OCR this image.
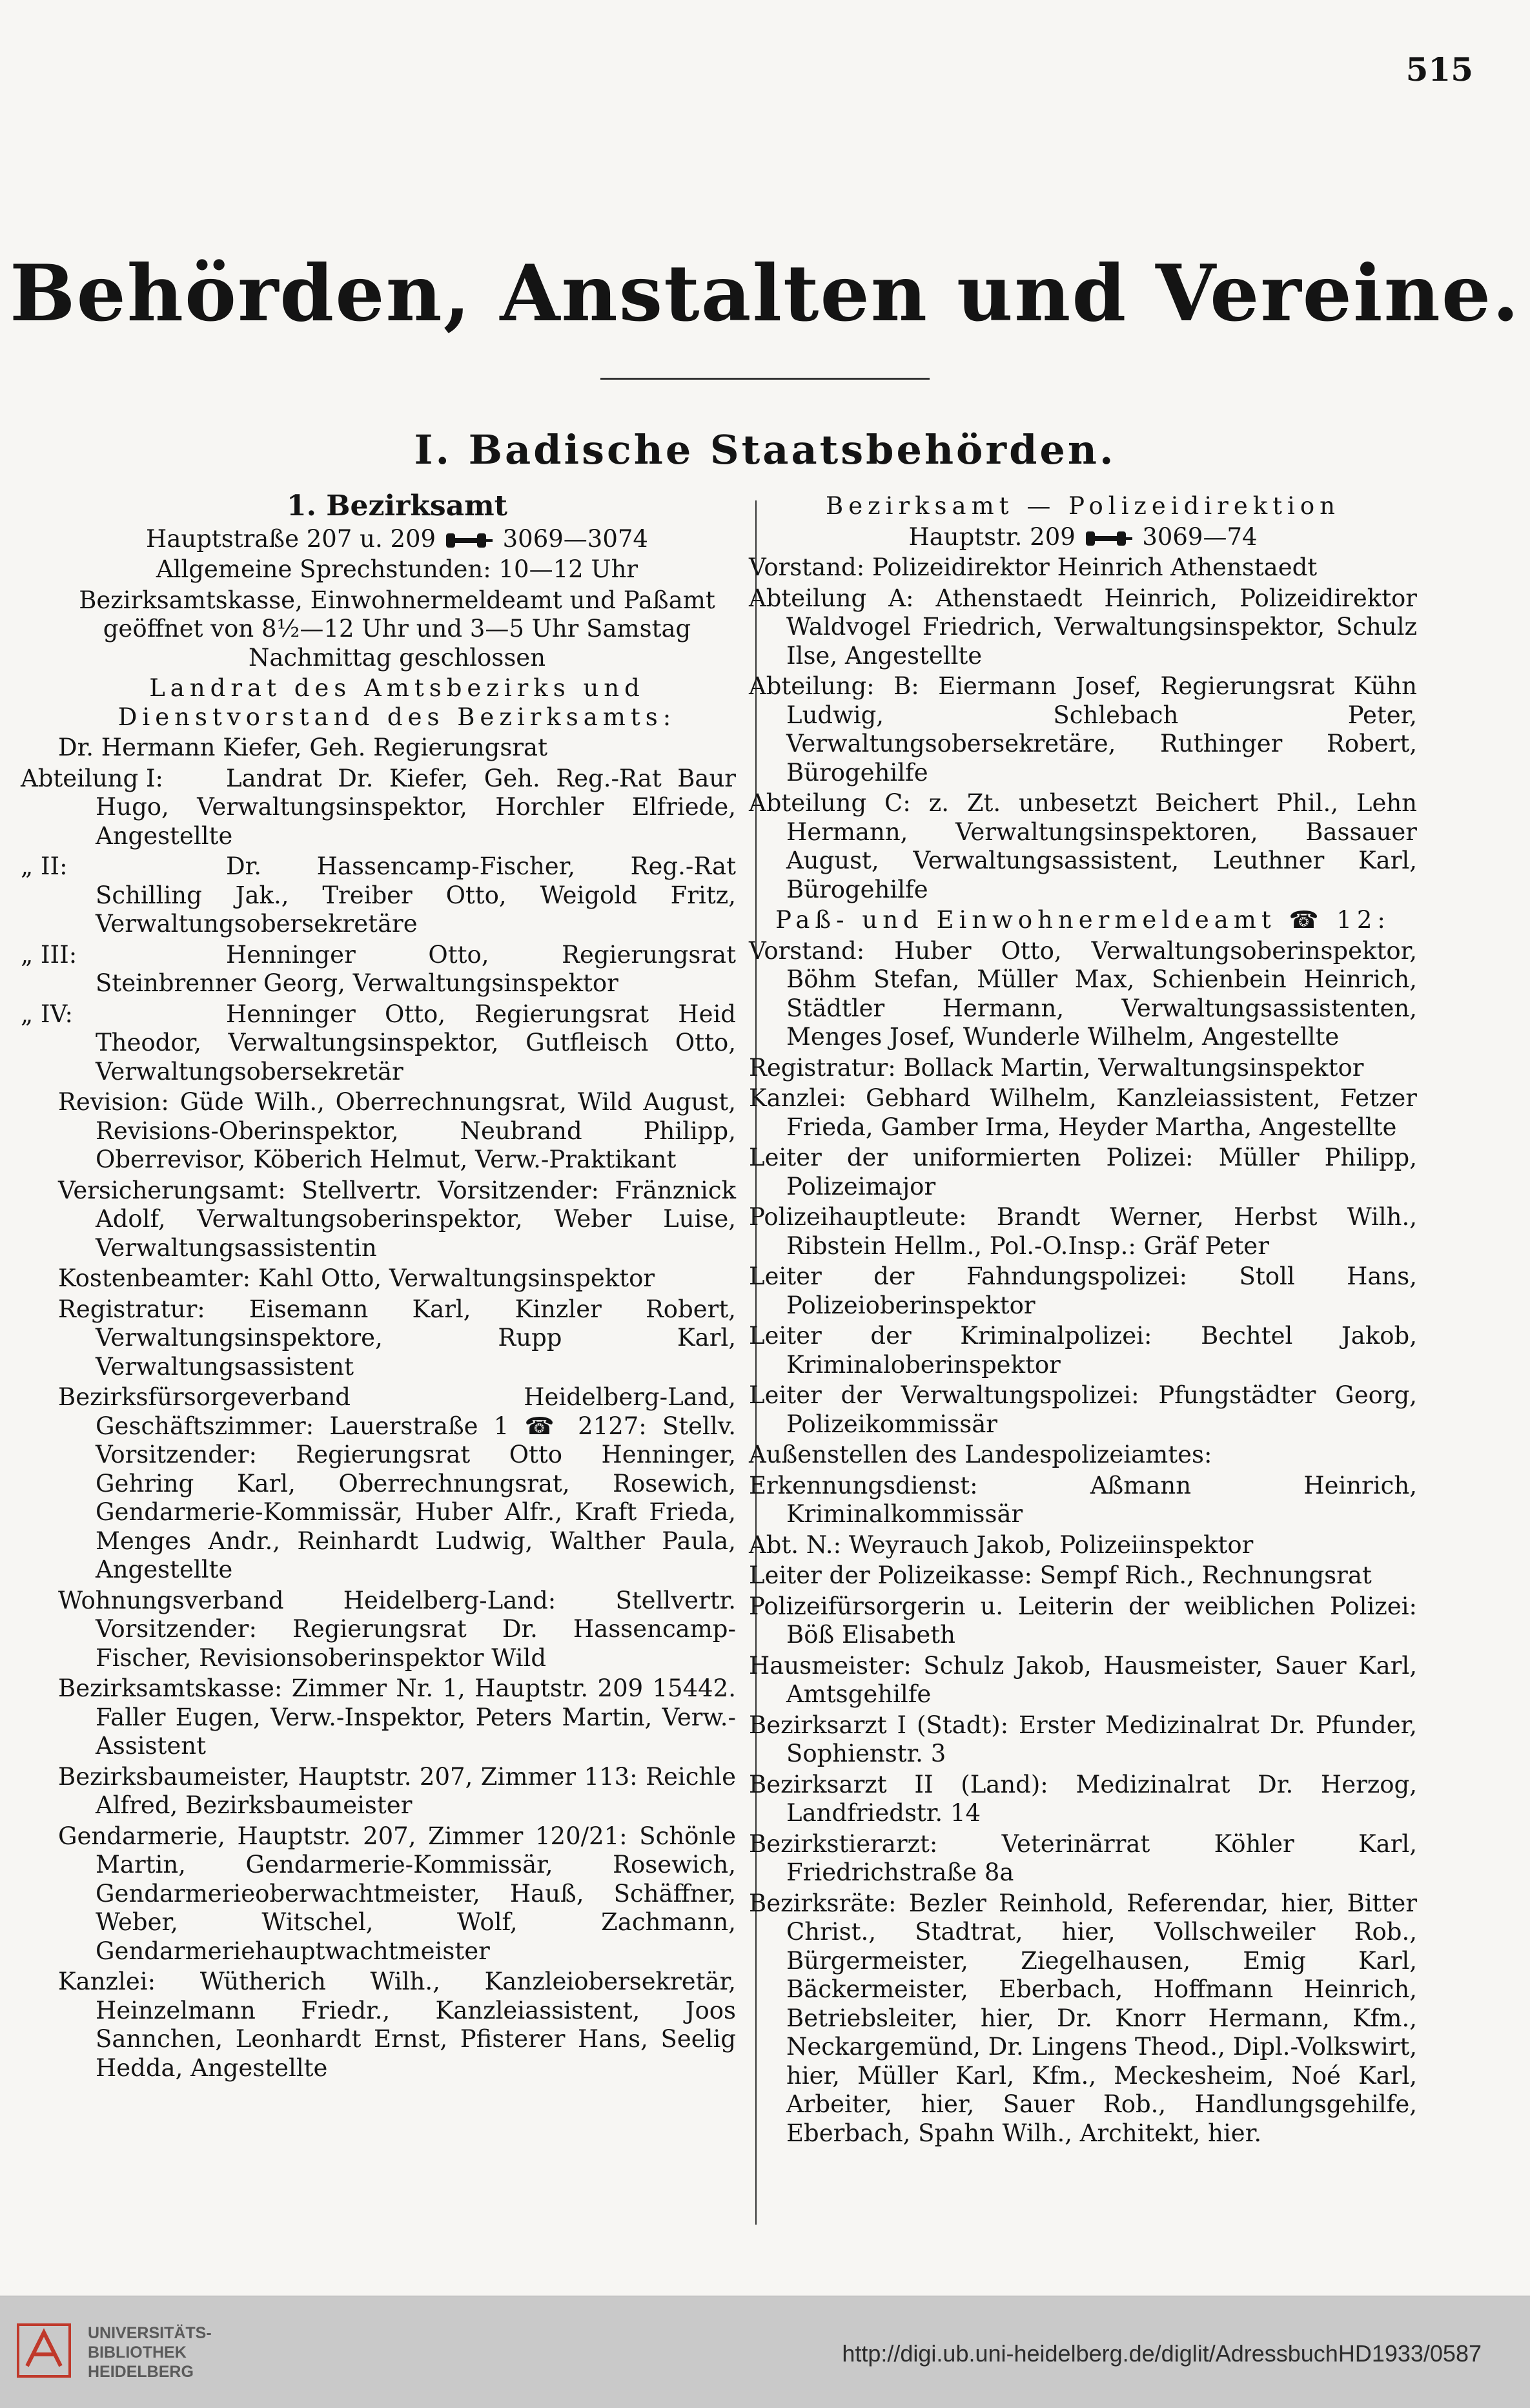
515
Behörden, Anstalten und Vereine.
I. Badische Staatsbehörden.

1. Bezirksamt

Hauptstraße 207 u. 209	3069—3074

Allgemeine Sprechstunden: 10—12 Uhr

Bezirksamtskasse, Einwohnermeldeamt und Paßamt geöffnet von 8½—12 Uhr und 3—5 Uhr Samstag Nachmittag geschlossen

Landrat des Amtsbezirks und Dienstvorstand des Bezirksamts:

Dr. Hermann Kiefer, Geh. Regierungsrat

Abteilung I:	Landrat Dr. Kiefer, Geh. Reg.-Rat Baur Hugo, Verwaltungsinspektor, Horchler Elfriede, Angestellte

„ II:	Dr. Hassencamp-Fischer, Reg.-Rat Schilling Jak., Treiber Otto, Weigold Fritz, Verwaltungsobersekretäre

„ III:	Henninger Otto, Regierungsrat Steinbrenner Georg, Verwaltungsinspektor

„ IV:	Henninger Otto, Regierungsrat Heid Theodor, Verwaltungsinspektor, Gutfleisch Otto, Verwaltungsobersekretär

Revision: Güde Wilh., Oberrechnungsrat, Wild August, Revisions-Oberinspektor, Neubrand Philipp, Oberrevisor, Köberich Helmut, Verw.-Praktikant

Versicherungsamt: Stellvertr. Vorsitzender: Fränznick Adolf, Verwaltungsoberinspektor, Weber Luise, Verwaltungsassistentin

Kostenbeamter: Kahl Otto, Verwaltungsinspektor

Registratur: Eisemann Karl, Kinzler Robert, Verwaltungsinspektore, Rupp Karl, Verwaltungsassistent

Bezirksfürsorgeverband Heidelberg-Land, Geschäftszimmer: Lauerstraße 1 ☎ 2127: Stellv. Vorsitzender: Regierungsrat Otto Henninger, Gehring Karl, Oberrechnungsrat, Rosewich, Gendarmerie-Kommissär, Huber Alfr., Kraft Frieda, Menges Andr., Reinhardt Ludwig, Walther Paula, Angestellte

Wohnungsverband Heidelberg-Land: Stellvertr. Vorsitzender: Regierungsrat Dr. Hassencamp-Fischer, Revisionsoberinspektor Wild

Bezirksamtskasse: Zimmer Nr. 1, Hauptstr. 209 15442. Faller Eugen, Verw.-Inspektor, Peters Martin, Verw.-Assistent

Bezirksbaumeister, Hauptstr. 207, Zimmer 113: Reichle Alfred, Bezirksbaumeister

Gendarmerie, Hauptstr. 207, Zimmer 120/21: Schönle Martin, Gendarmerie-Kommissär, Rosewich, Gendarmerieoberwachtmeister, Hauß, Schäffner, Weber, Witschel, Wolf, Zachmann, Gendarmeriehauptwachtmeister

Kanzlei: Wütherich Wilh., Kanzleiobersekretär, Heinzelmann Friedr., Kanzleiassistent, Joos Sannchen, Leonhardt Ernst, Pfisterer Hans, Seelig Hedda, Angestellte

Bezirksamt — Polizeidirektion

Hauptstr. 209	3069—74

Vorstand: Polizeidirektor Heinrich Athenstaedt

Abteilung A: Athenstaedt Heinrich, Polizeidirektor Waldvogel Friedrich, Verwaltungsinspektor, Schulz Ilse, Angestellte

Abteilung: B: Eiermann Josef, Regierungsrat Kühn Ludwig, Schlebach Peter, Verwaltungsobersekretäre, Ruthinger Robert, Bürogehilfe

Abteilung C: z. Zt. unbesetzt Beichert Phil., Lehn Hermann, Verwaltungsinspektoren, Bassauer August, Verwaltungsassistent, Leuthner Karl, Bürogehilfe

Paß- und Einwohnermeldeamt ☎ 12:

Vorstand: Huber Otto, Verwaltungsoberinspektor, Böhm Stefan, Müller Max, Schienbein Heinrich, Städtler Hermann, Verwaltungsassistenten, Menges Josef, Wunderle Wilhelm, Angestellte

Registratur: Bollack Martin, Verwaltungsinspektor

Kanzlei: Gebhard Wilhelm, Kanzleiassistent, Fetzer Frieda, Gamber Irma, Heyder Martha, Angestellte

Leiter der uniformierten Polizei: Müller Philipp, Polizeimajor

Polizeihauptleute: Brandt Werner, Herbst Wilh., Ribstein Hellm., Pol.-O.Insp.: Gräf Peter

Leiter der Fahndungspolizei: Stoll Hans, Polizeioberinspektor

Leiter der Kriminalpolizei: Bechtel Jakob, Kriminaloberinspektor

Leiter der Verwaltungspolizei: Pfungstädter Georg, Polizeikommissär

Außenstellen des Landespolizeiamtes:

Erkennungsdienst: Aßmann Heinrich, Kriminalkommissär

Abt. N.: Weyrauch Jakob, Polizeiinspektor

Leiter der Polizeikasse: Sempf Rich., Rechnungsrat

Polizeifürsorgerin u. Leiterin der weiblichen Polizei: Böß Elisabeth

Hausmeister: Schulz Jakob, Hausmeister, Sauer Karl, Amtsgehilfe

Bezirksarzt I (Stadt): Erster Medizinalrat Dr. Pfunder, Sophienstr. 3

Bezirksarzt II (Land): Medizinalrat Dr. Herzog, Landfriedstr. 14

Bezirkstierarzt: Veterinärrat Köhler Karl, Friedrichstraße 8a

Bezirksräte: Bezler Reinhold, Referendar, hier, Bitter Christ., Stadtrat, hier, Vollschweiler Rob., Bürgermeister, Ziegelhausen, Emig Karl, Bäckermeister, Eberbach, Hoffmann Heinrich, Betriebsleiter, hier, Dr. Knorr Hermann, Kfm., Neckargemünd, Dr. Lingens Theod., Dipl.-Volkswirt, hier, Müller Karl, Kfm., Meckesheim, Noé Karl, Arbeiter, hier, Sauer Rob., Handlungsgehilfe, Eberbach, Spahn Wilh., Architekt, hier.

UNIVERSITÄTS-
BIBLIOTHEK
HEIDELBERG
http://digi.ub.uni-heidelberg.de/diglit/AdressbuchHD1933/0587
